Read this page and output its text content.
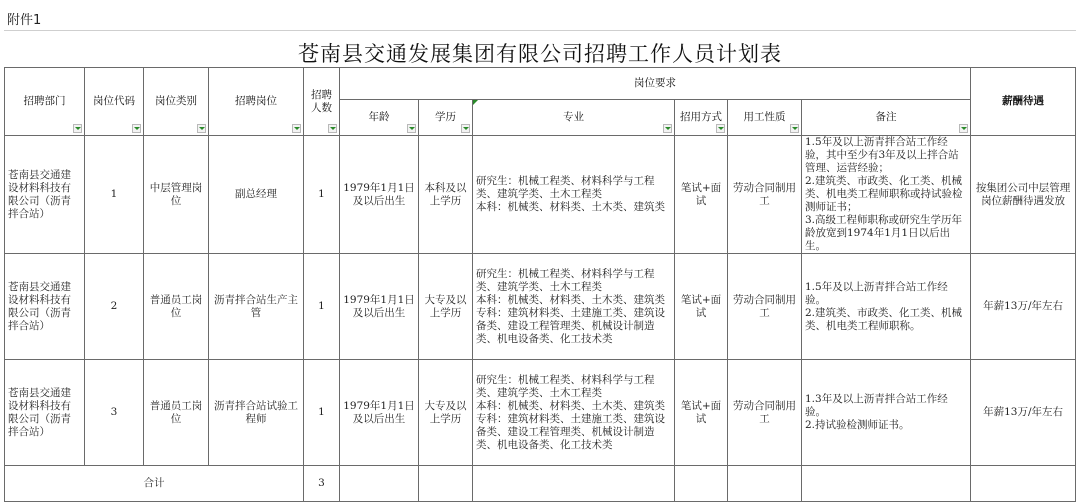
附件1
苍南县交通发展集团有限公司招聘工作人员计划表
招聘部门	岗位代码	岗位类别	招聘岗位	招聘人数	岗位要求						薪酬待遇
					年龄	学历	专业	招用方式	用工性质	备注	

苍南县交通建设材料科技有限公司（沥青拌合站）	1	中层管理岗位	副总经理	1	1979年1月1日及以后出生	本科及以上学历	研究生：机械工程类、材料科学与工程类、建筑学类、土木工程类
本科：机械类、材料类、土木类、建筑类	笔试+面试	劳动合同制用工	1.5年及以上沥青拌合站工作经验，其中至少有3年及以上拌合站管理、运营经验；
2.建筑类、市政类、化工类、机械类、机电类工程师职称或持试验检测师证书；
3.高级工程师职称或研究生学历年龄放宽到1974年1月1日以后出生。	按集团公司中层管理岗位薪酬待遇发放
苍南县交通建设材料科技有限公司（沥青拌合站）	2	普通员工岗位	沥青拌合站生产主管	1	1979年1月1日及以后出生	大专及以上学历	研究生：机械工程类、材料科学与工程类、建筑学类、土木工程类
本科：机械类、材料类、土木类、建筑类
专科：建筑材料类、土建施工类、建筑设备类、建设工程管理类、机械设计制造类、机电设备类、化工技术类	笔试+面试	劳动合同制用工	1.5年及以上沥青拌合站工作经验。
2.建筑类、市政类、化工类、机械类、机电类工程师职称。	年薪13万/年左右
苍南县交通建设材料科技有限公司（沥青拌合站）	3	普通员工岗位	沥青拌合站试验工程师	1	1979年1月1日及以后出生	大专及以上学历	研究生：机械工程类、材料科学与工程类、建筑学类、土木工程类
本科：机械类、材料类、土木类、建筑类
专科：建筑材料类、土建施工类、建筑设备类、建设工程管理类、机械设计制造类、机电设备类、化工技术类	笔试+面试	劳动合同制用工	1.3年及以上沥青拌合站工作经验。
2.持试验检测师证书。	年薪13万/年左右
合计				3							
